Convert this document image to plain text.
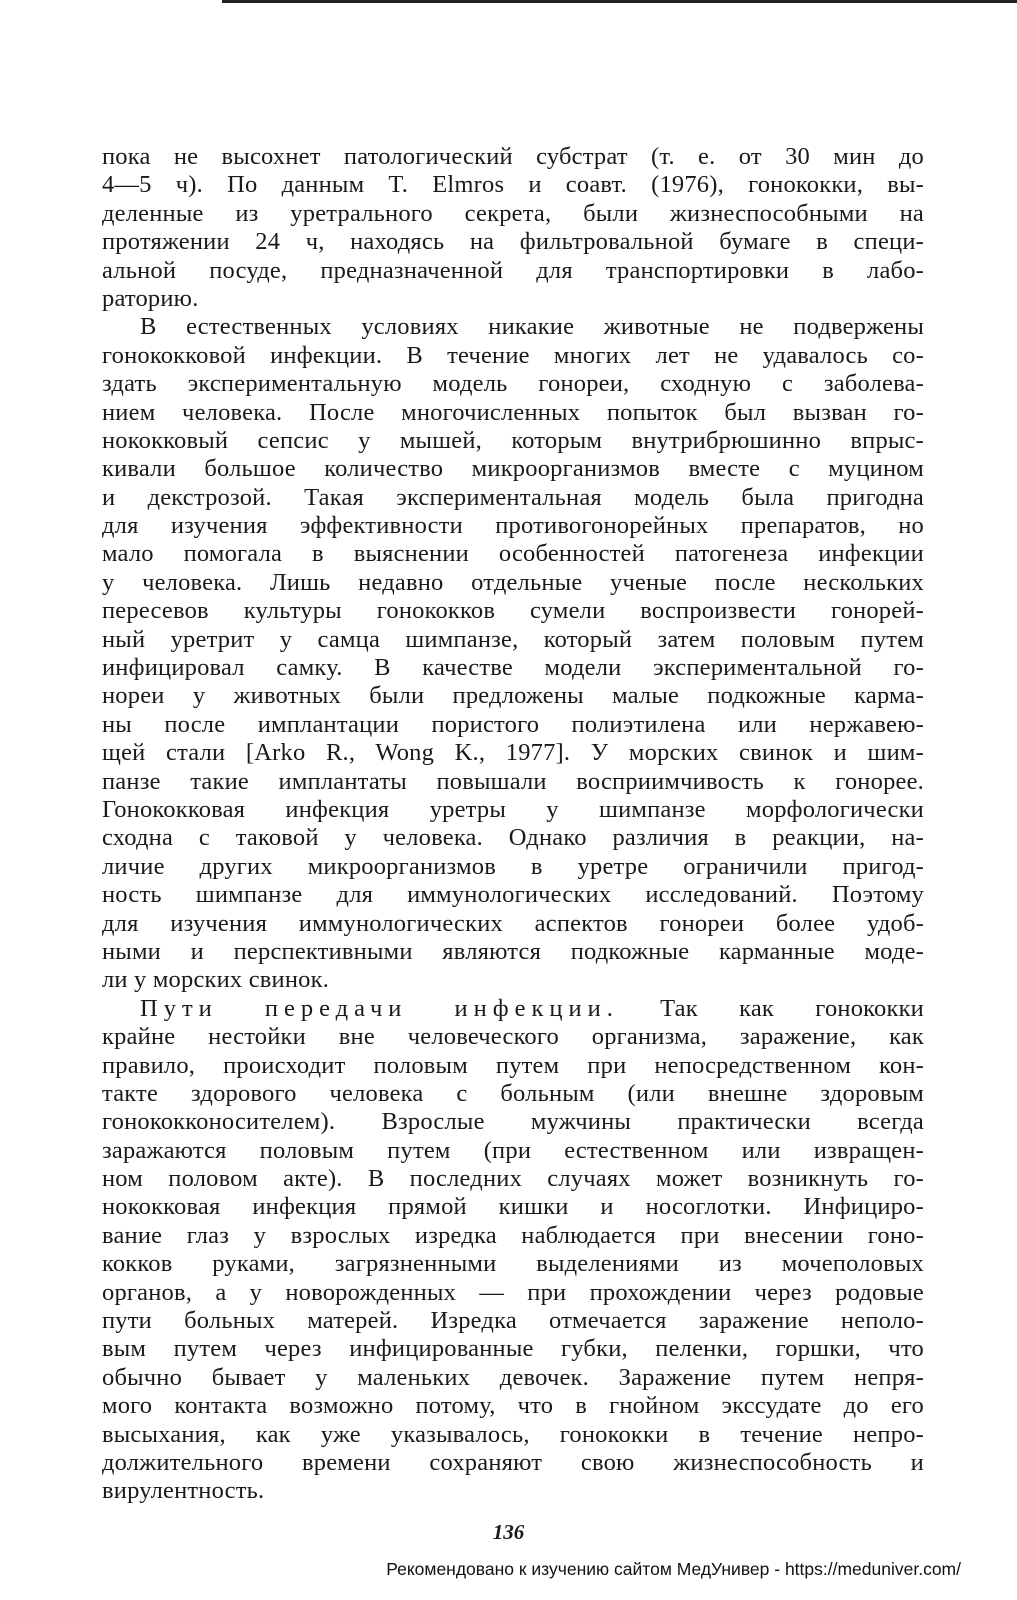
пока не высохнет патологический субстрат (т. е. от 30 мин до
4—5 ч). По данным T. Elmros и соавт. (1976), гонококки, вы-
деленные из уретрального секрета, были жизнеспособными на
протяжении 24 ч, находясь на фильтровальной бумаге в специ-
альной посуде, предназначенной для транспортировки в лабо-
раторию.
В естественных условиях никакие животные не подвержены
гонококковой инфекции. В течение многих лет не удавалось со-
здать экспериментальную модель гонореи, сходную с заболева-
нием человека. После многочисленных попыток был вызван го-
нококковый сепсис у мышей, которым внутрибрюшинно впрыс-
кивали большое количество микроорганизмов вместе с муцином
и декстрозой. Такая экспериментальная модель была пригодна
для изучения эффективности противогонорейных препаратов, но
мало помогала в выяснении особенностей патогенеза инфекции
у человека. Лишь недавно отдельные ученые после нескольких
пересевов культуры гонококков сумели воспроизвести гонорей-
ный уретрит у самца шимпанзе, который затем половым путем
инфицировал самку. В качестве модели экспериментальной го-
нореи у животных были предложены малые подкожные карма-
ны после имплантации пористого полиэтилена или нержавею-
щей стали [Arko R., Wong K., 1977]. У морских свинок и шим-
панзе такие имплантаты повышали восприимчивость к гонорее.
Гонококковая инфекция уретры у шимпанзе морфологически
сходна с таковой у человека. Однако различия в реакции, на-
личие других микроорганизмов в уретре ограничили пригод-
ность шимпанзе для иммунологических исследований. Поэтому
для изучения иммунологических аспектов гонореи более удоб-
ными и перспективными являются подкожные карманные моде-
ли у морских свинок.
Пути передачи инфекции. Так как гонококки
крайне нестойки вне человеческого организма, заражение, как
правило, происходит половым путем при непосредственном кон-
такте здорового человека с больным (или внешне здоровым
гонококконосителем). Взрослые мужчины практически всегда
заражаются половым путем (при естественном или извращен-
ном половом акте). В последних случаях может возникнуть го-
нококковая инфекция прямой кишки и носоглотки. Инфициро-
вание глаз у взрослых изредка наблюдается при внесении гоно-
кокков руками, загрязненными выделениями из мочеполовых
органов, а у новорожденных — при прохождении через родовые
пути больных матерей. Изредка отмечается заражение неполо-
вым путем через инфицированные губки, пеленки, горшки, что
обычно бывает у маленьких девочек. Заражение путем непря-
мого контакта возможно потому, что в гнойном экссудате до его
высыхания, как уже указывалось, гонококки в течение непро-
должительного времени сохраняют свою жизнеспособность и
вирулентность.
136
Рекомендовано к изучению сайтом МедУнивер - https://meduniver.com/
